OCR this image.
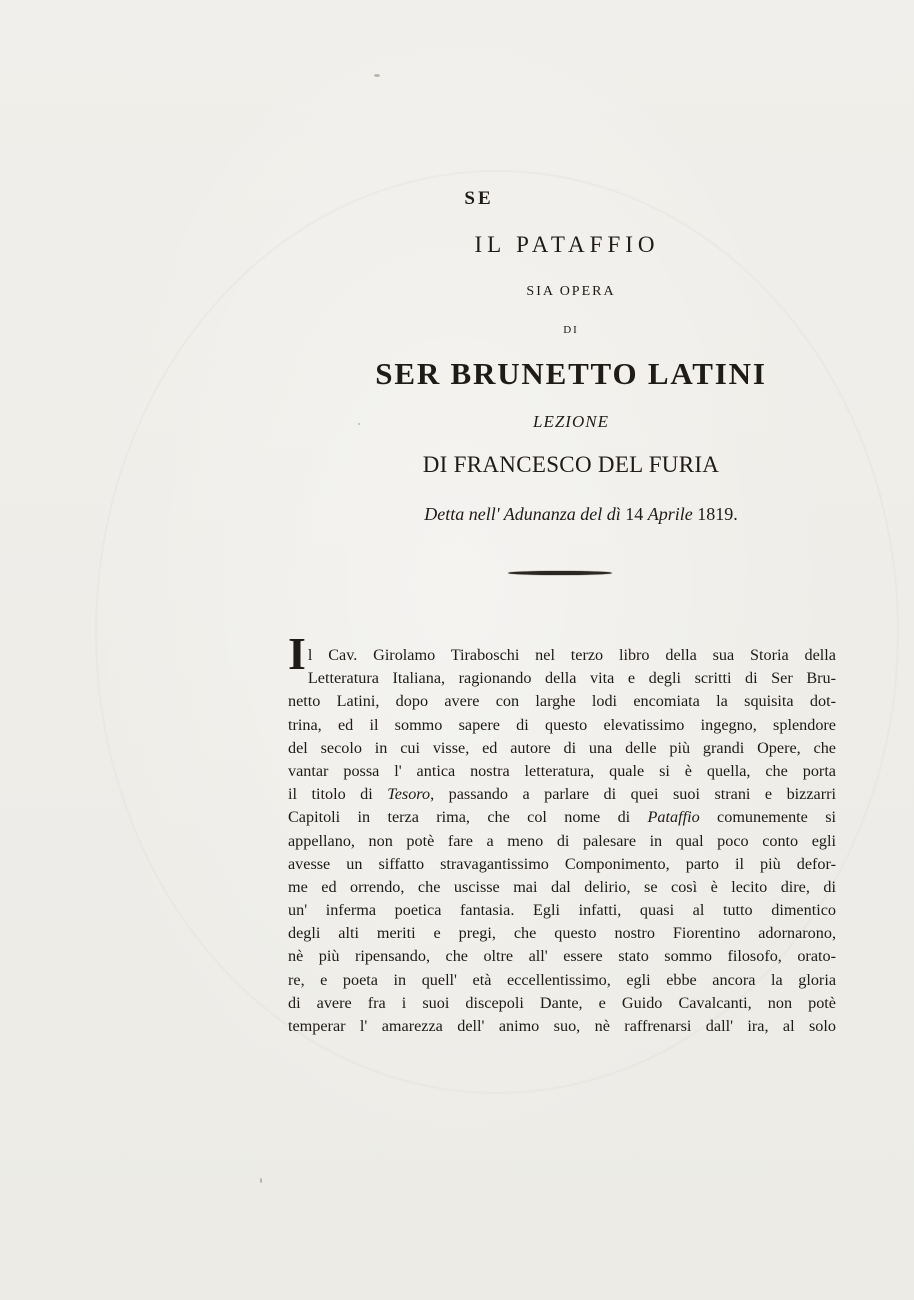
SE

IL PATAFFIO

SIA OPERA

DI

SER BRUNETTO LATINI

LEZIONE

DI FRANCESCO DEL FURIA

Detta nell' Adunanza del dì 14 Aprile 1819.

I l Cav. Girolamo Tiraboschi nel terzo libro della sua Storia della
Letteratura Italiana, ragionando della vita e degli scritti di Ser Bru-
netto Latini, dopo avere con larghe lodi encomiata la squisita dot-
trina, ed il sommo sapere di questo elevatissimo ingegno, splendore
del secolo in cui visse, ed autore di una delle più grandi Opere, che
vantar possa l' antica nostra letteratura, quale si è quella, che porta
il titolo di Tesoro, passando a parlare di quei suoi strani e bizzarri
Capitoli in terza rima, che col nome di Pataffio comunemente si
appellano, non potè fare a meno di palesare in qual poco conto egli
avesse un siffatto stravagantissimo Componimento, parto il più defor-
me ed orrendo, che uscisse mai dal delirio, se così è lecito dire, di
un' inferma poetica fantasia. Egli infatti, quasi al tutto dimentico
degli alti meriti e pregi, che questo nostro Fiorentino adornarono,
nè più ripensando, che oltre all' essere stato sommo filosofo, orato-
re, e poeta in quell' età eccellentissimo, egli ebbe ancora la gloria
di avere fra i suoi discepoli Dante, e Guido Cavalcanti, non potè
temperar l' amarezza dell' animo suo, nè raffrenarsi dall' ira, al solo
